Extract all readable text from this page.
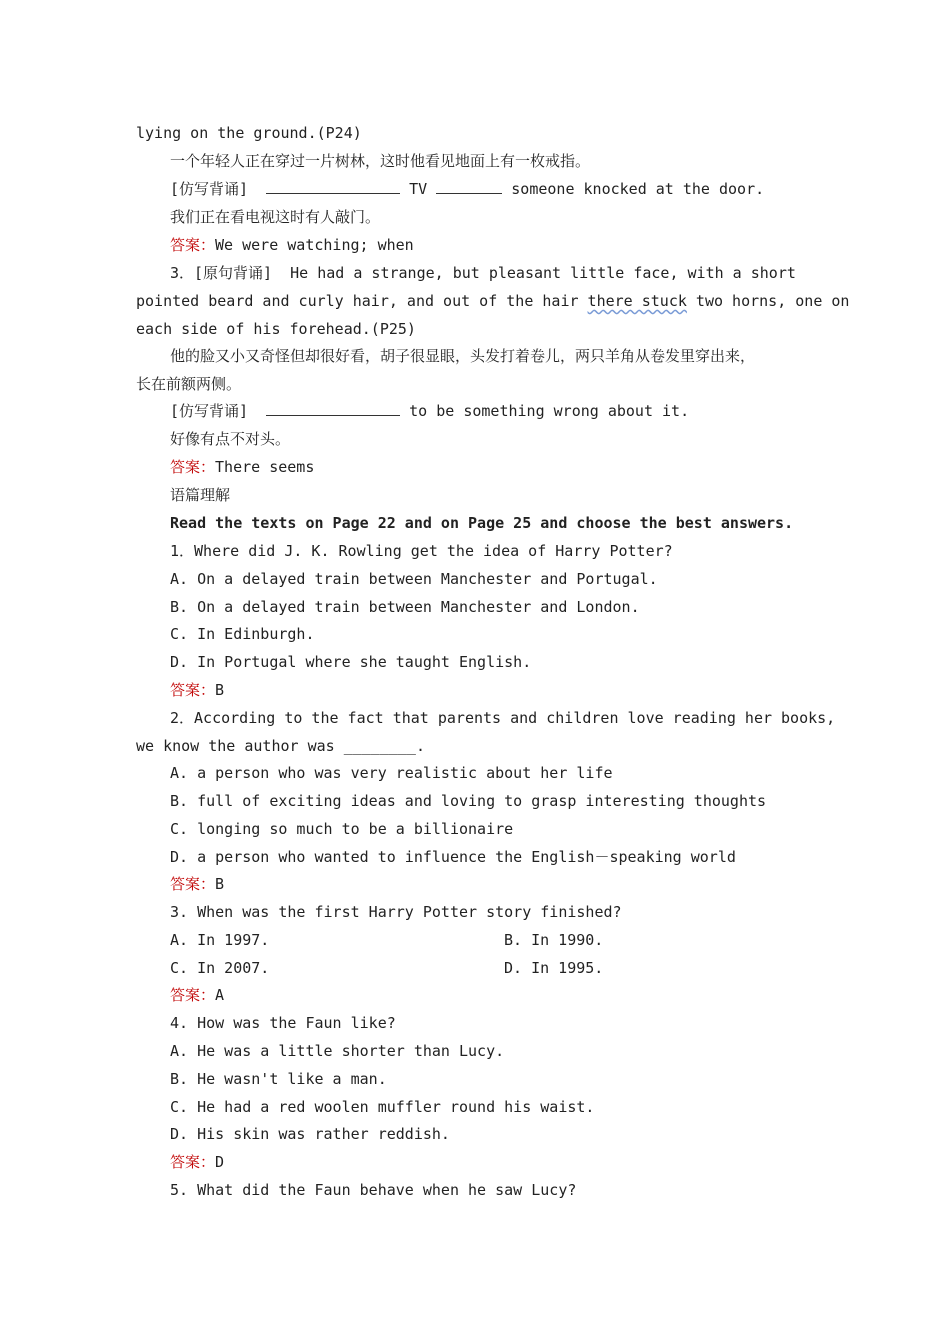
lying on the ground.(P24)
一个年轻人正在穿过一片树林，这时他看见地面上有一枚戒指。
[仿写背诵]	TV	someone knocked at the door.
我们正在看电视这时有人敲门。
答案：We were watching; when
3．[原句背诵]  He had a strange, but pleasant little face, with a short
pointed beard and curly hair, and out of the hair there stuck two horns, one on
each side of his forehead.(P25)
他的脸又小又奇怪但却很好看，胡子很显眼，头发打着卷儿，两只羊角从卷发里穿出来，
长在前额两侧。
[仿写背诵]	to be something wrong about it.
好像有点不对头。
答案：There seems
语篇理解
Read the texts on Page 22 and on Page 25 and choose the best answers.
1．Where did J. K. Rowling get the idea of Harry Potter?
A. On a delayed train between Manchester and Portugal.
B. On a delayed train between Manchester and London.
C. In Edinburgh.
D. In Portugal where she taught English.
答案：B
2．According to the fact that parents and children love reading her books,
we know the author was ________.
A. a person who was very realistic about her life
B. full of exciting ideas and loving to grasp interesting thoughts
C. longing so much to be a billionaire
D. a person who wanted to influence the English－speaking world
答案：B
3. When was the first Harry Potter story finished?
A. In 1997.	B. In 1990.
C. In 2007.	D. In 1995.
答案：A
4. How was the Faun like?
A. He was a little shorter than Lucy.
B. He wasn't like a man.
C. He had a red woolen muffler round his waist.
D. His skin was rather reddish.
答案：D
5. What did the Faun behave when he saw Lucy?
